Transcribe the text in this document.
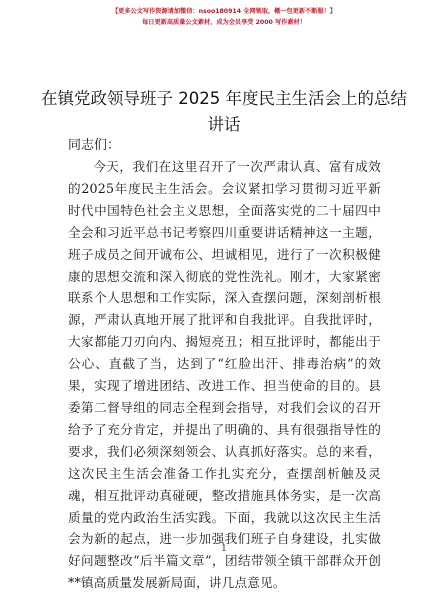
【更多公文写作资源请加微信：nsoo180914 全网领取，概一包更新不断服！】
每日更新高质量公文素材，成为会员享受 2000 写作素材！
在镇党政领导班子 2025 年度民主生活会上的总结讲话
同志们：

今天，我们在这里召开了一次严肃认真、富有成效的2025年度民主生活会。会议紧扣学习贯彻习近平新时代中国特色社会主义思想，全面落实党的二十届四中全会和习近平总书记考察四川重要讲话精神这一主题，班子成员之间开诚布公、坦诚相见，进行了一次积极健康的思想交流和深入彻底的党性洗礼。刚才，大家紧密联系个人思想和工作实际，深入查摆问题，深刻剖析根源，严肃认真地开展了批评和自我批评。自我批评时，大家都能刀刃向内、揭短亮丑；相互批评时，都能出于公心、直截了当，达到了“红脸出汗、排毒治病”的效果，实现了增进团结、改进工作、担当使命的目的。县委第二督导组的同志全程到会指导，对我们会议的召开给予了充分肯定，并提出了明确的、具有很强指导性的要求，我们必须深刻领会、认真抓好落实。总的来看，这次民主生活会准备工作扎实充分，查摆剖析触及灵魂，相互批评动真碰硬，整改措施具体务实，是一次高质量的党内政治生活实践。下面，我就以这次民主生活会为新的起点，进一步加强我们班子自身建设，扎实做好问题整改“后半篇文章”，团结带领全镇干部群众开创**镇高质量发展新局面，讲几点意见。

1
